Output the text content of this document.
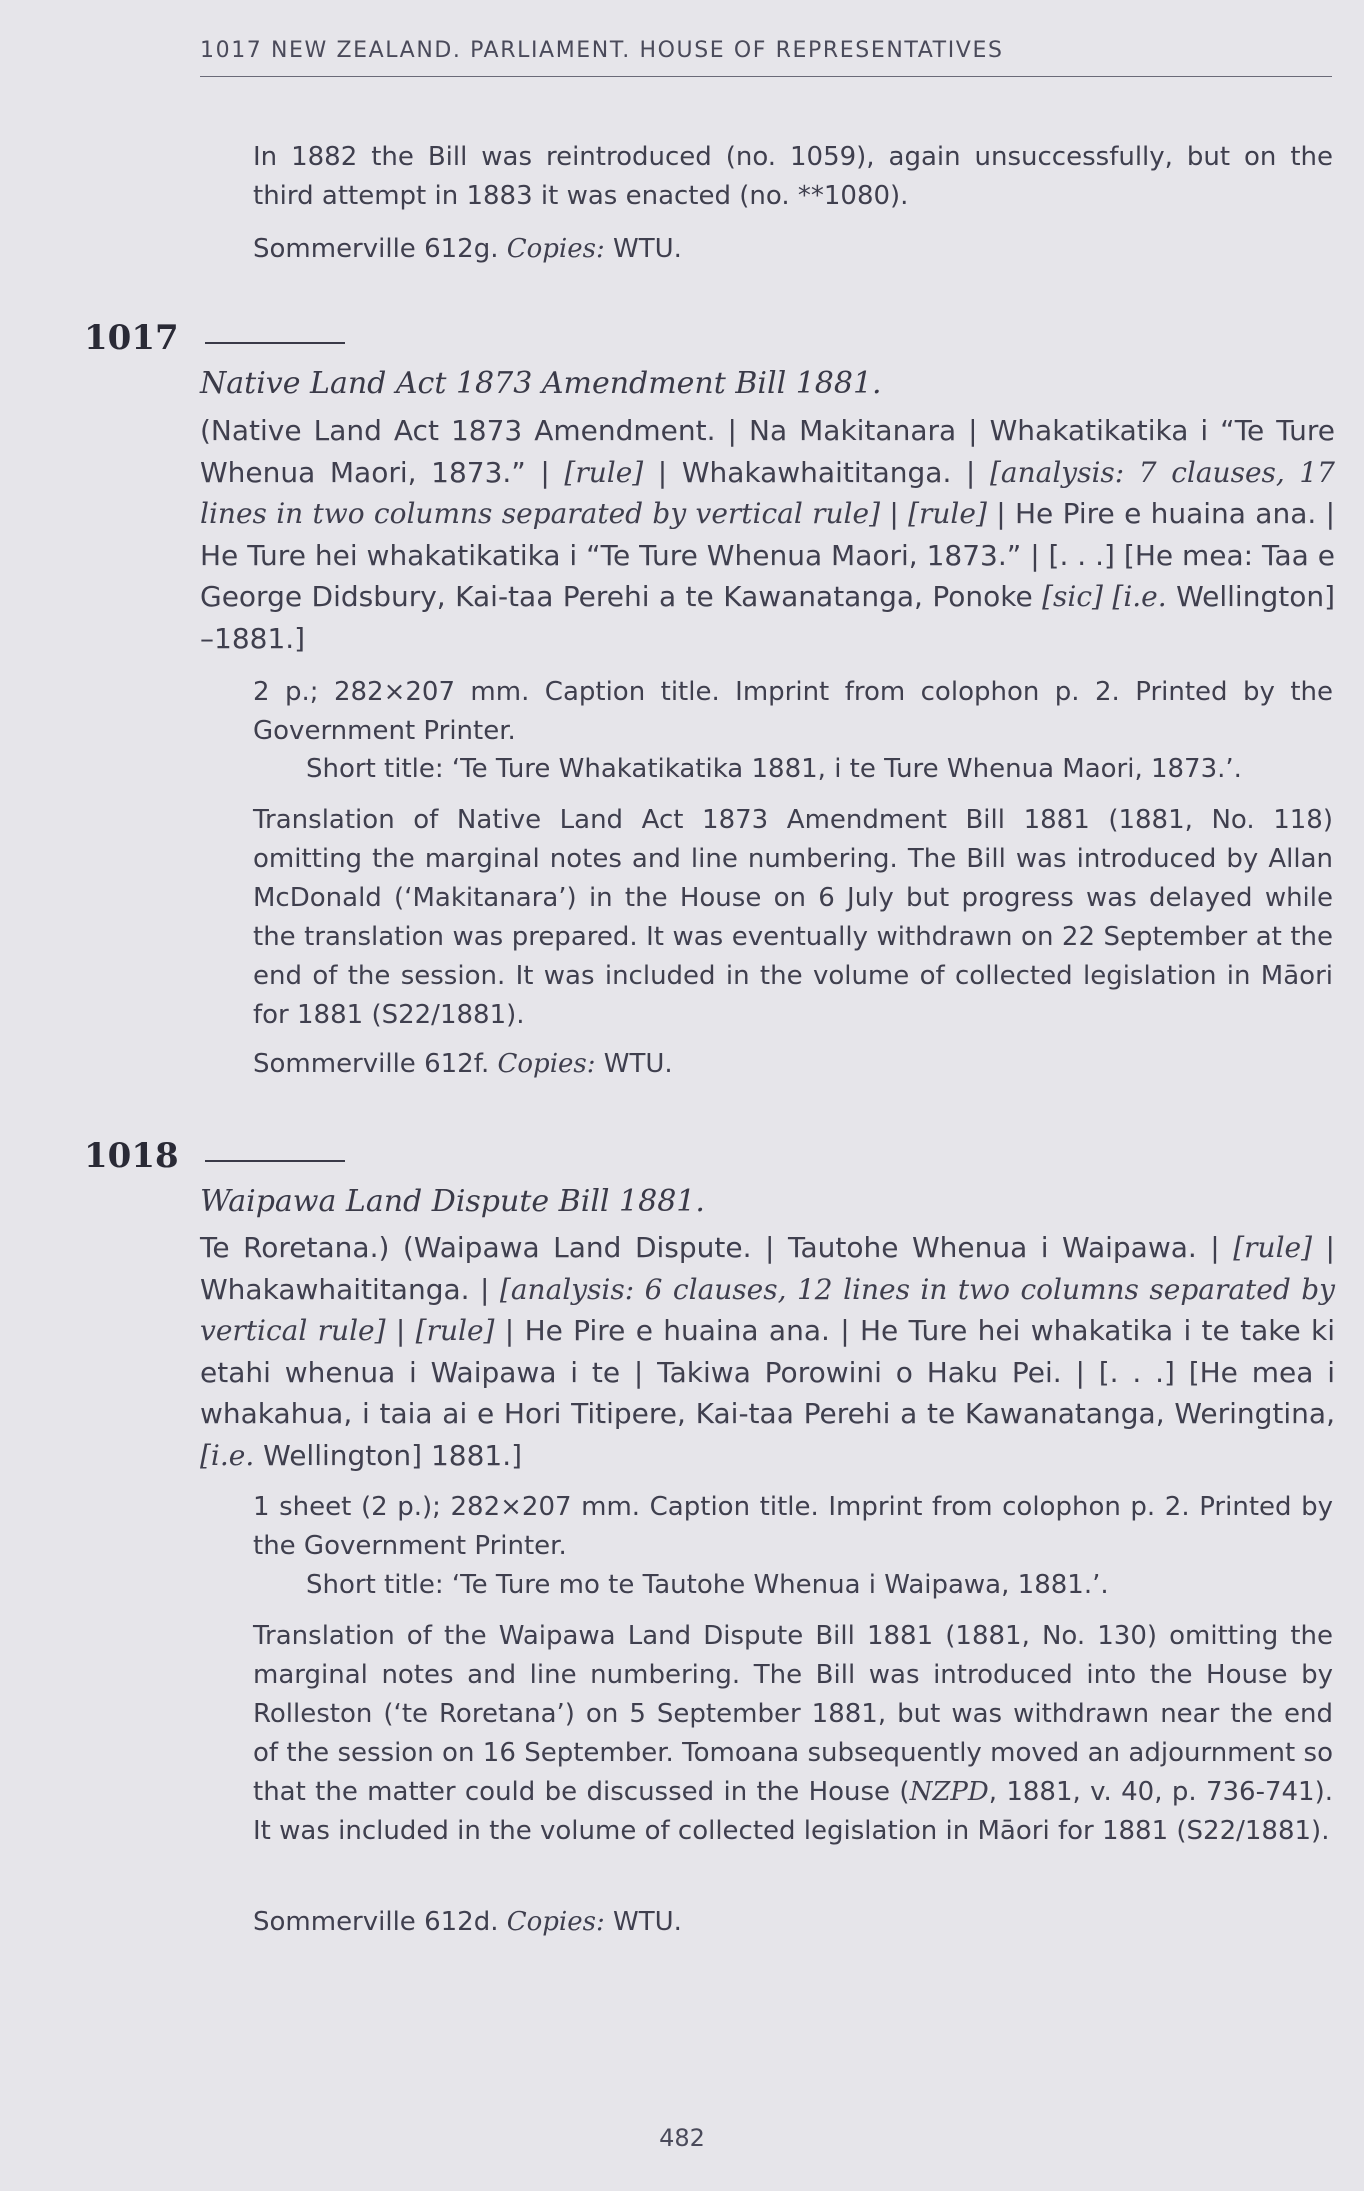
1017 NEW ZEALAND. PARLIAMENT. HOUSE OF REPRESENTATIVES

In 1882 the Bill was reintroduced (no. 1059), again unsuccessfully, but on the third attempt in 1883 it was enacted (no. **1080).

Sommerville 612g. Copies: WTU.

1017

Native Land Act 1873 Amendment Bill 1881.

(Native Land Act 1873 Amendment. | Na Makitanara | Whakatikatika i “Te Ture Whenua Maori, 1873.” | [rule] | Whakawhaititanga. | [analysis: 7 clauses, 17 lines in two columns separated by vertical rule] | [rule] | He Pire e huaina ana. | He Ture hei whakatikatika i “Te Ture Whenua Maori, 1873.” | [. . .] [He mea: Taa e George Didsbury, Kai-taa Perehi a te Kawanatanga, Ponoke [sic] [i.e. Wellington] –1881.]

2 p.; 282×207 mm. Caption title. Imprint from colophon p. 2. Printed by the Government Printer.

Short title: ‘Te Ture Whakatikatika 1881, i te Ture Whenua Maori, 1873.’.

Translation of Native Land Act 1873 Amendment Bill 1881 (1881, No. 118) omitting the marginal notes and line numbering. The Bill was introduced by Allan McDonald (‘Makitanara’) in the House on 6 July but progress was delayed while the translation was prepared. It was eventually withdrawn on 22 September at the end of the session. It was included in the volume of collected legislation in Māori for 1881 (S22/1881).

Sommerville 612f. Copies: WTU.

1018

Waipawa Land Dispute Bill 1881.

Te Roretana.) (Waipawa Land Dispute. | Tautohe Whenua i Waipawa. | [rule] | Whakawhaititanga. | [analysis: 6 clauses, 12 lines in two columns separated by vertical rule] | [rule] | He Pire e huaina ana. | He Ture hei whakatika i te take ki etahi whenua i Waipawa i te | Takiwa Porowini o Haku Pei. | [. . .] [He mea i whakahua, i taia ai e Hori Titipere, Kai-taa Perehi a te Kawanatanga, Weringtina, [i.e. Wellington] 1881.]

1 sheet (2 p.); 282×207 mm. Caption title. Imprint from colophon p. 2. Printed by the Government Printer.

Short title: ‘Te Ture mo te Tautohe Whenua i Waipawa, 1881.’.

Translation of the Waipawa Land Dispute Bill 1881 (1881, No. 130) omitting the marginal notes and line numbering. The Bill was introduced into the House by Rolleston (‘te Roretana’) on 5 September 1881, but was withdrawn near the end of the session on 16 September. Tomoana subsequently moved an adjournment so that the matter could be discussed in the House (NZPD, 1881, v. 40, p. 736-741). It was included in the volume of collected legislation in Māori for 1881 (S22/1881).

Sommerville 612d. Copies: WTU.

482
